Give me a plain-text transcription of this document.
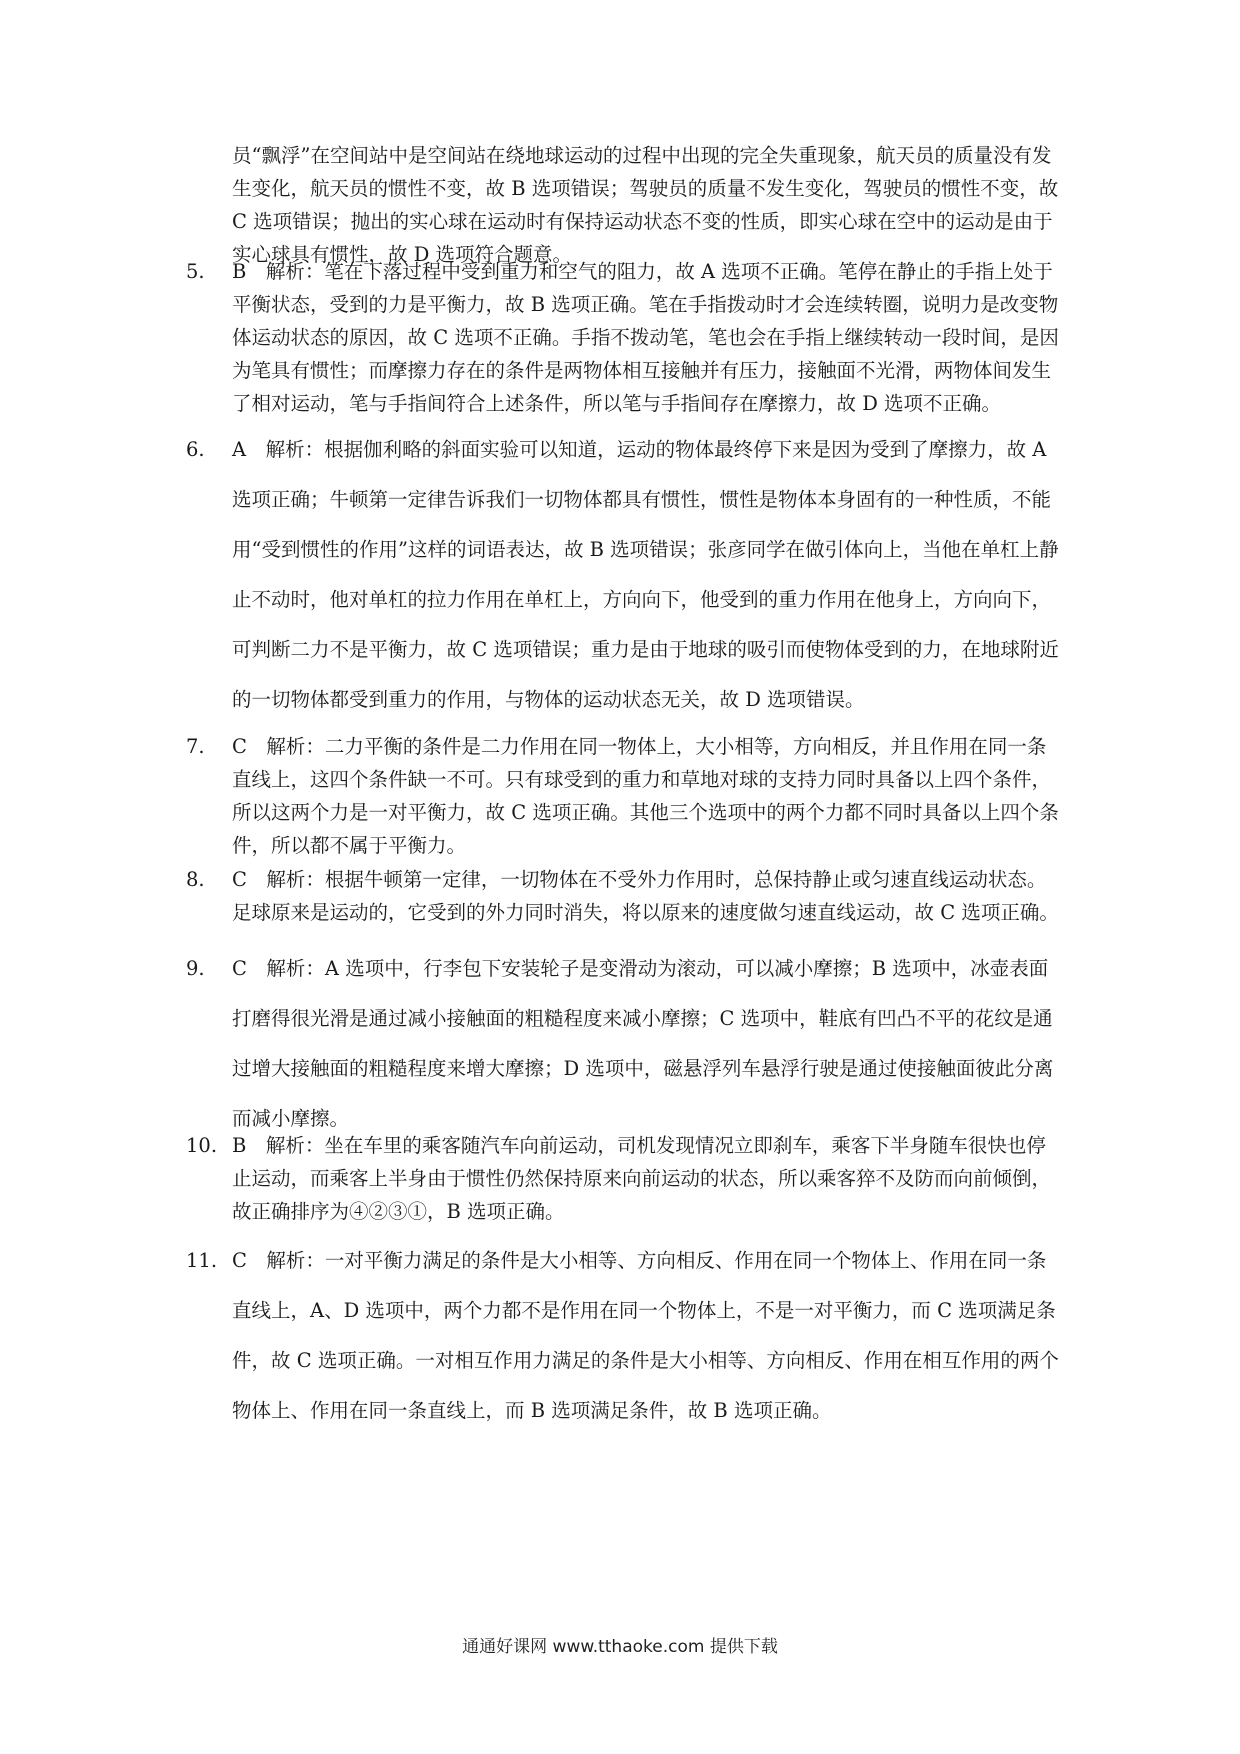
员“飘浮”在空间站中是空间站在绕地球运动的过程中出现的完全失重现象，航天员的质量没有发生变化，航天员的惯性不变，故 B 选项错误；驾驶员的质量不发生变化，驾驶员的惯性不变，故 C 选项错误；抛出的实心球在运动时有保持运动状态不变的性质，即实心球在空中的运动是由于实心球具有惯性，故 D 选项符合题意。
5. B　解析：笔在下落过程中受到重力和空气的阻力，故 A 选项不正确。笔停在静止的手指上处于平衡状态，受到的力是平衡力，故 B 选项正确。笔在手指拨动时才会连续转圈，说明力是改变物体运动状态的原因，故 C 选项不正确。手指不拨动笔，笔也会在手指上继续转动一段时间，是因为笔具有惯性；而摩擦力存在的条件是两物体相互接触并有压力，接触面不光滑，两物体间发生了相对运动，笔与手指间符合上述条件，所以笔与手指间存在摩擦力，故 D 选项不正确。
6. A　解析：根据伽利略的斜面实验可以知道，运动的物体最终停下来是因为受到了摩擦力，故 A 选项正确；牛顿第一定律告诉我们一切物体都具有惯性，惯性是物体本身固有的一种性质，不能用“受到惯性的作用”这样的词语表达，故 B 选项错误；张彦同学在做引体向上，当他在单杠上静止不动时，他对单杠的拉力作用在单杠上，方向向下，他受到的重力作用在他身上，方向向下，可判断二力不是平衡力，故 C 选项错误；重力是由于地球的吸引而使物体受到的力，在地球附近的一切物体都受到重力的作用，与物体的运动状态无关，故 D 选项错误。
7. C　解析：二力平衡的条件是二力作用在同一物体上，大小相等，方向相反，并且作用在同一条直线上，这四个条件缺一不可。只有球受到的重力和草地对球的支持力同时具备以上四个条件，所以这两个力是一对平衡力，故 C 选项正确。其他三个选项中的两个力都不同时具备以上四个条件，所以都不属于平衡力。
8. C　解析：根据牛顿第一定律，一切物体在不受外力作用时，总保持静止或匀速直线运动状态。足球原来是运动的，它受到的外力同时消失，将以原来的速度做匀速直线运动，故 C 选项正确。
9. C　解析：A 选项中，行李包下安装轮子是变滑动为滚动，可以减小摩擦；B 选项中，冰壶表面打磨得很光滑是通过减小接触面的粗糙程度来减小摩擦；C 选项中，鞋底有凹凸不平的花纹是通过增大接触面的粗糙程度来增大摩擦；D 选项中，磁悬浮列车悬浮行驶是通过使接触面彼此分离而减小摩擦。
10. B　解析：坐在车里的乘客随汽车向前运动，司机发现情况立即刹车，乘客下半身随车很快也停止运动，而乘客上半身由于惯性仍然保持原来向前运动的状态，所以乘客猝不及防而向前倾倒，故正确排序为④②③①，B 选项正确。
11. C　解析：一对平衡力满足的条件是大小相等、方向相反、作用在同一个物体上、作用在同一条直线上，A、D 选项中，两个力都不是作用在同一个物体上，不是一对平衡力，而 C 选项满足条件，故 C 选项正确。一对相互作用力满足的条件是大小相等、方向相反、作用在相互作用的两个物体上、作用在同一条直线上，而 B 选项满足条件，故 B 选项正确。
通通好课网 www.tthaoke.com 提供下载
